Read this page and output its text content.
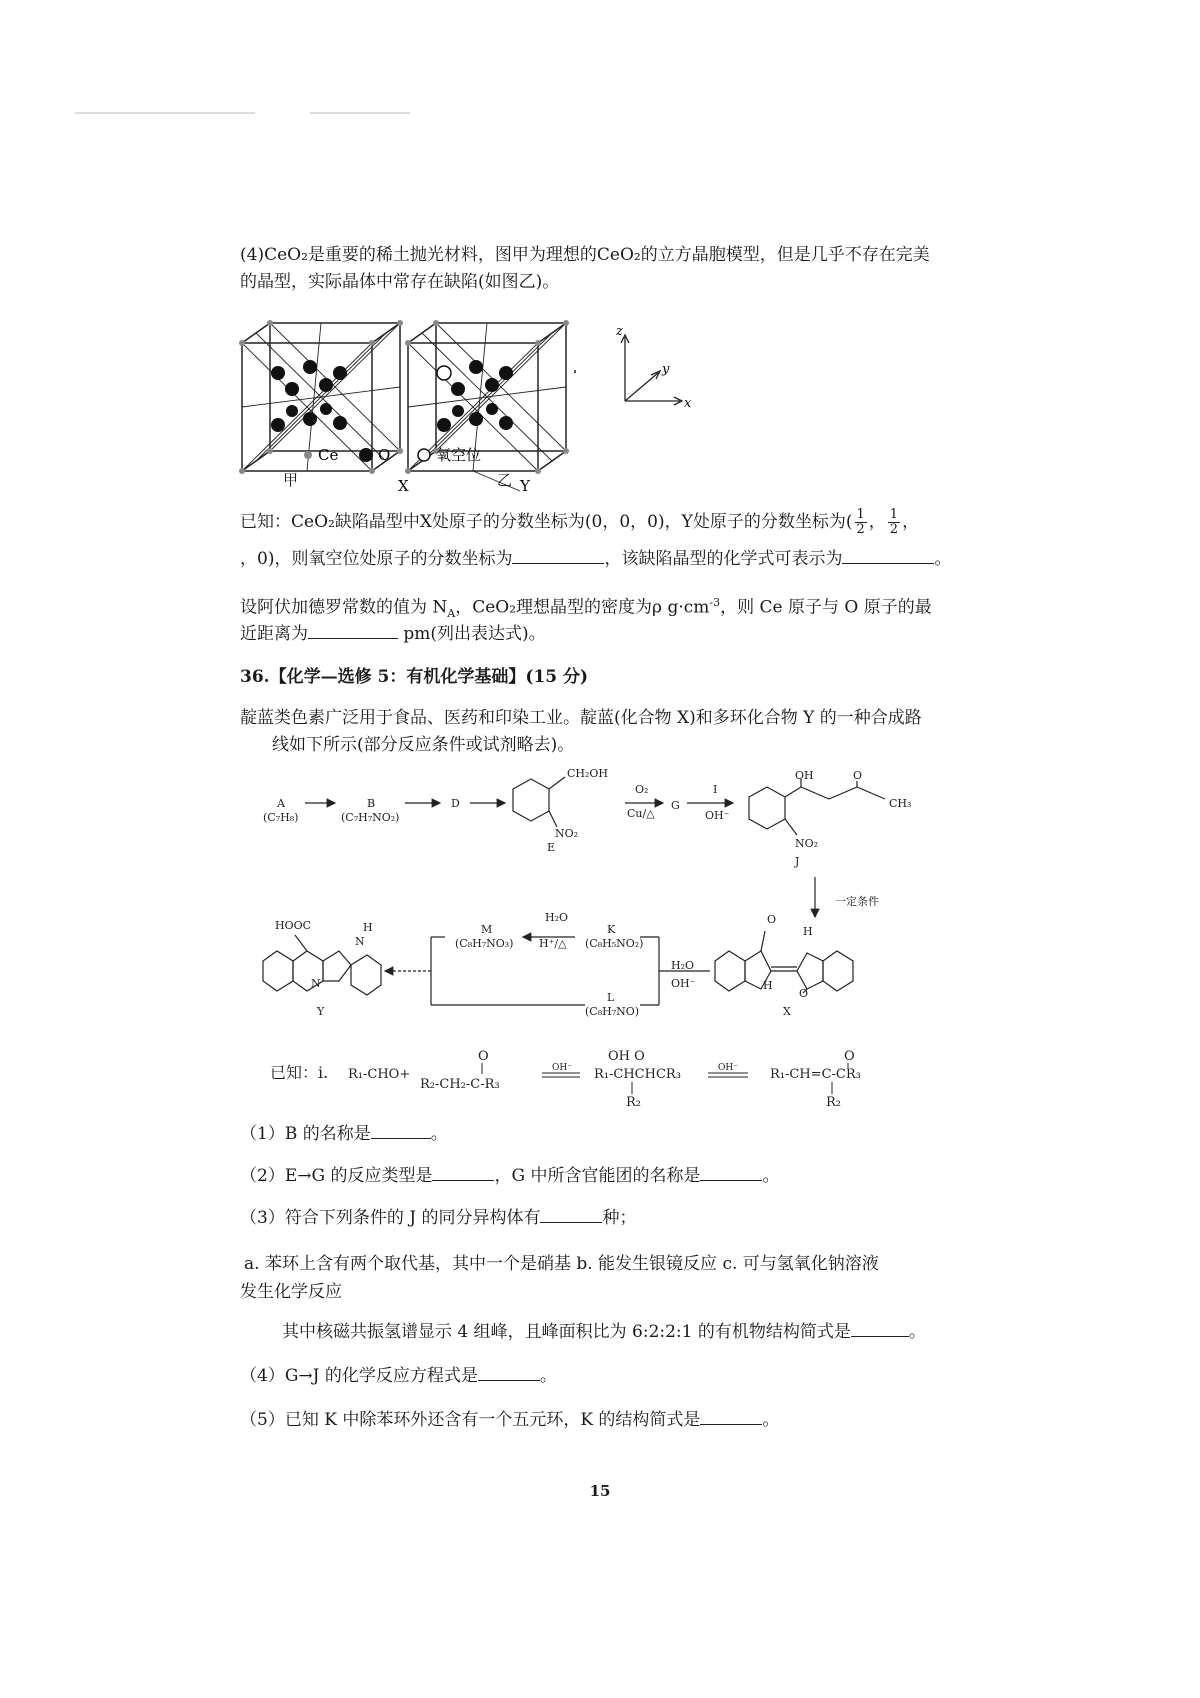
(4)CeO₂是重要的稀土抛光材料，图甲为理想的CeO₂的立方晶胞模型，但是几乎不存在完美
的晶型，实际晶体中常存在缺陷(如图乙)。
z
y
x
X	Y
Ce	O	氧空位
甲	乙
已知：CeO₂缺陷晶型中X处原子的分数坐标为(0，0，0)，Y处原子的分数坐标为( $\frac{1}{2}$ ， $\frac{1}{2}$ ，
，0)，则氧空位处原子的分数坐标为	，该缺陷晶型的化学式可表示为	。
设阿伏加德罗常数的值为 $N_A$，CeO₂理想晶型的密度为ρ $g\cdot cm^{-3}$，则 Ce 原子与 O 原子的最
近距离为	pm(列出表达式)。
36.【化学—选修 5：有机化学基础】(15 分)
靛蓝类色素广泛用于食品、医药和印染工业。靛蓝(化合物 X)和多环化合物 Y 的一种合成路
线如下所示(部分反应条件或试剂略去)。
A
(C₇H₈)
B
(C₇H₇NO₂)
D
E
CH₂OH
NO₂
O₂
Cu/△
G
I
OH⁻
OH	O
CH₃
NO₂
J
一定条件
M
(C₈H₇NO₃)
H₂O
H⁺/△
K
(C₈H₅NO₂)
H₂O
OH⁻
L
(C₈H₇NO)
HOOC	H
N
N
Y
O
O
H
H
X
已知：ⅰ. R₁-CHO+
O
R₂-CH₂-C-R₃
OH⁻
OH O
R₁-CHCHCR₃
R₂
OH⁻
O
R₁-CH=C-CR₃
R₂
（1）B 的名称是	。
（2）E→G 的反应类型是	，G 中所含官能团的名称是	。
（3）符合下列条件的 J 的同分异构体有	种；
a. 苯环上含有两个取代基，其中一个是硝基 b. 能发生银镜反应 c. 可与氢氧化钠溶液
发生化学反应
其中核磁共振氢谱显示 4 组峰，且峰面积比为 6:2:2:1 的有机物结构简式是	。
（4）G→J 的化学反应方程式是	。
（5）已知 K 中除苯环外还含有一个五元环，K 的结构简式是	。
15
